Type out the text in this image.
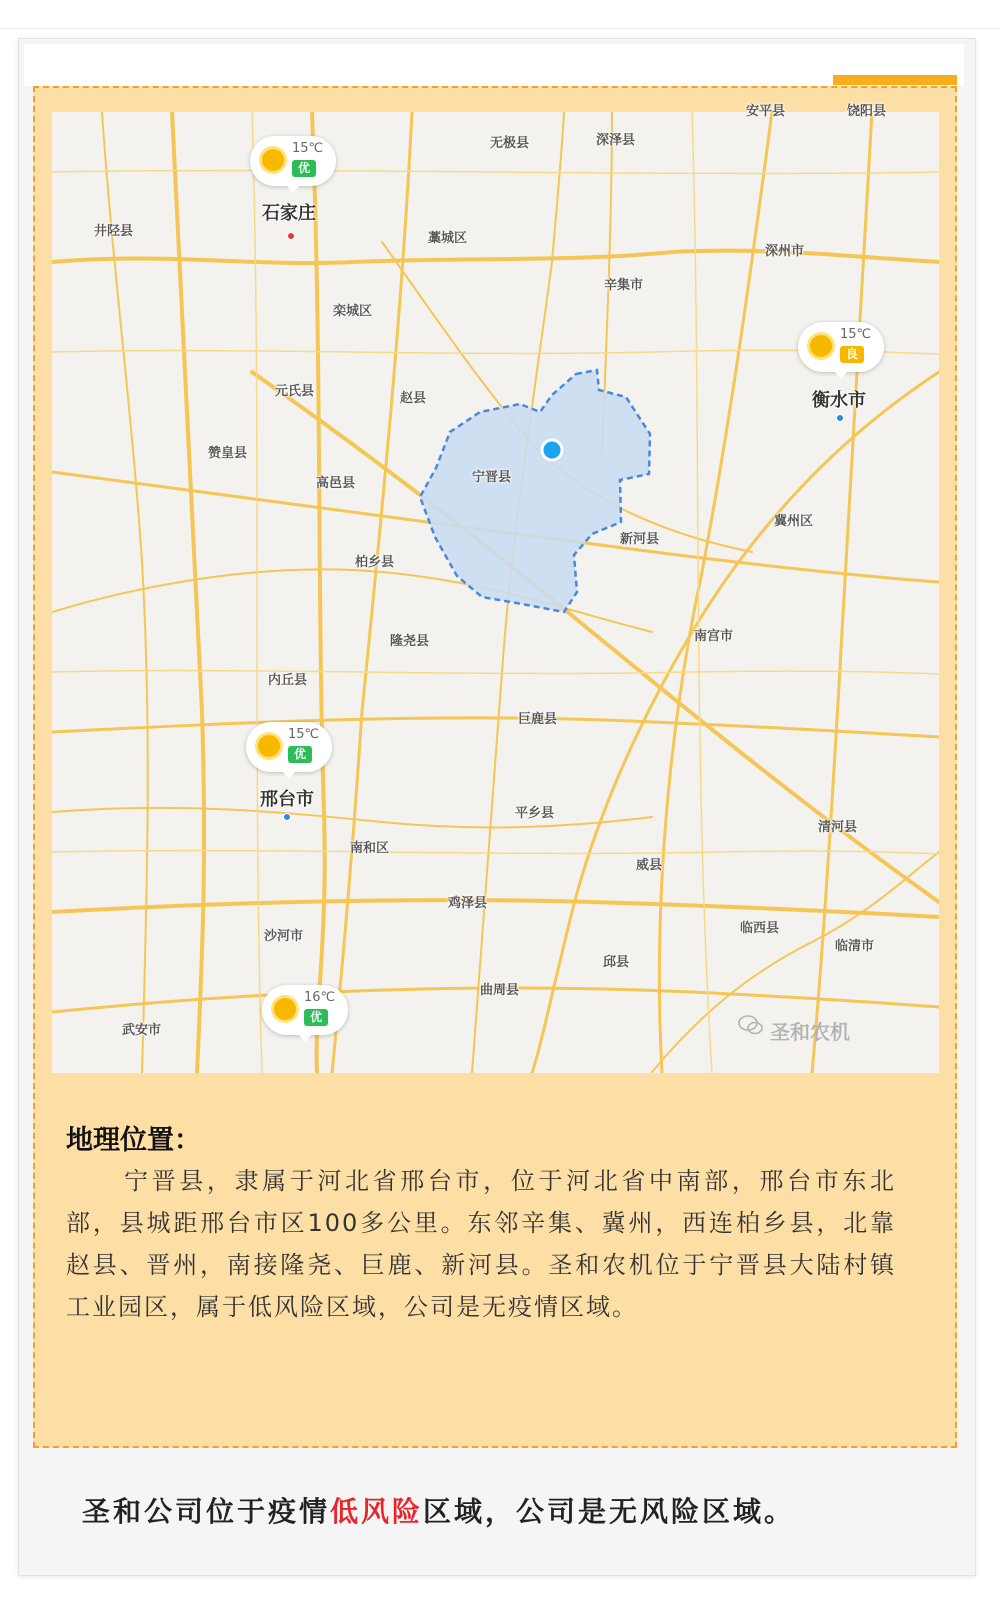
无极县	深泽县
井陉县
石家庄
藁城区
深州市
辛集市
栾城区
元氏县	赵县	衡水市
赞皇县
宁晋县
高邑县
冀州区
新河县
柏乡县
隆尧县	南宫市
内丘县
巨鹿县
邢台市
平乡县
清河县
南和区
威县
鸡泽县
临西县
沙河市
临清市
邱县
曲周县
武安市
安平县	饶阳县
15℃
优
15℃
良
15℃
优
16℃
优
圣和农机
地理位置：
宁晋县，隶属于河北省邢台市，位于河北省中南部，邢台市东北部，县城距邢台市区100多公里。东邻辛集、冀州，西连柏乡县，北靠赵县、晋州，南接隆尧、巨鹿、新河县。圣和农机位于宁晋县大陆村镇工业园区，属于低风险区域，公司是无疫情区域。
圣和公司位于疫情低风险区域，公司是无风险区域。
